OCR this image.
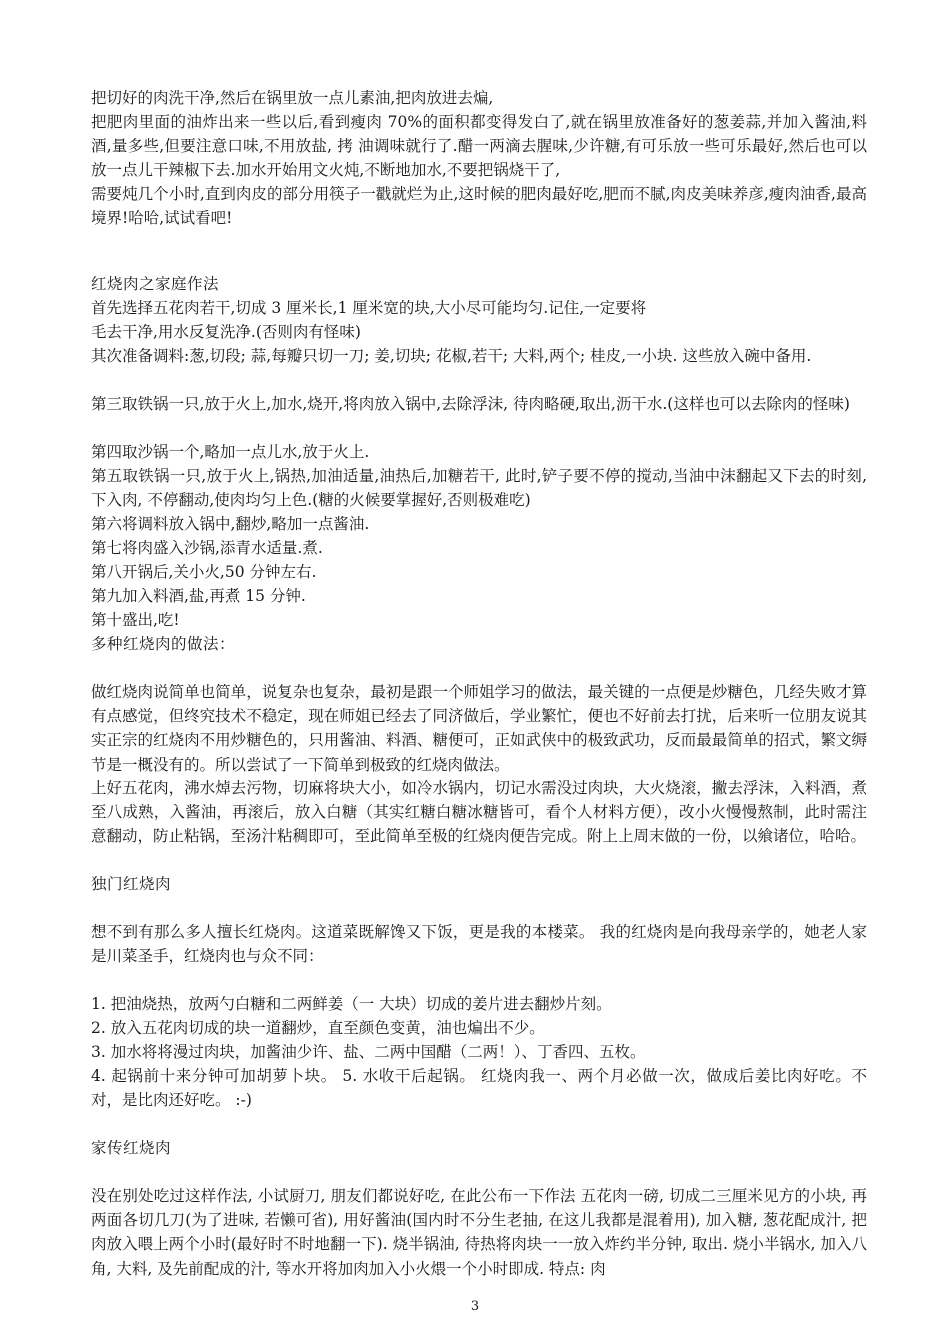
把切好的肉洗干净,然后在锅里放一点儿素油,把肉放进去煸,

把肥肉里面的油炸出来一些以后,看到瘦肉 70%的面积都变得发白了,就在锅里放准备好的葱姜蒜,并加入酱油,料酒,量多些,但要注意口味,不用放盐, 拷 油调味就行了.醋一两滴去腥味,少许糖,有可乐放一些可乐最好,然后也可以放一点儿干辣椒下去.加水开始用文火炖,不断地加水,不要把锅烧干了,

需要炖几个小时,直到肉皮的部分用筷子一戳就烂为止,这时候的肥肉最好吃,肥而不腻,肉皮美味养彦,瘦肉油香,最高境界!哈哈,试试看吧!

红烧肉之家庭作法

首先选择五花肉若干,切成 3 厘米长,1 厘米宽的块,大小尽可能均匀.记住,一定要将

毛去干净,用水反复洗净.(否则肉有怪味)

其次准备调料:葱,切段; 蒜,每瓣只切一刀; 姜,切块; 花椒,若干; 大料,两个; 桂皮,一小块. 这些放入碗中备用.

第三取铁锅一只,放于火上,加水,烧开,将肉放入锅中,去除浮沫, 待肉略硬,取出,沥干水.(这样也可以去除肉的怪味)

第四取沙锅一个,略加一点儿水,放于火上.

第五取铁锅一只,放于火上,锅热,加油适量,油热后,加糖若干, 此时,铲子要不停的搅动,当油中沫翻起又下去的时刻,下入肉, 不停翻动,使肉均匀上色.(糖的火候要掌握好,否则极难吃)

第六将调料放入锅中,翻炒,略加一点酱油.

第七将肉盛入沙锅,添青水适量.煮.

第八开锅后,关小火,50 分钟左右.

第九加入料酒,盐,再煮 15 分钟.

第十盛出,吃!

多种红烧肉的做法：

做红烧肉说简单也简单，说复杂也复杂，最初是跟一个师姐学习的做法，最关键的一点便是炒糖色，几经失败才算有点感觉，但终究技术不稳定，现在师姐已经去了同济做后，学业繁忙，便也不好前去打扰，后来听一位朋友说其实正宗的红烧肉不用炒糖色的，只用酱油、料酒、糖便可，正如武侠中的极致武功，反而最最简单的招式，繁文缛节是一概没有的。所以尝试了一下简单到极致的红烧肉做法。

上好五花肉，沸水焯去污物，切麻将块大小，如冷水锅内，切记水需没过肉块，大火烧滚，撇去浮沫，入料酒，煮至八成熟，入酱油，再滚后，放入白糖（其实红糖白糖冰糖皆可，看个人材料方便），改小火慢慢熬制，此时需注意翻动，防止粘锅，至汤汁粘稠即可，至此简单至极的红烧肉便告完成。附上上周末做的一份，以飨诸位，哈哈。

独门红烧肉

想不到有那么多人擅长红烧肉。这道菜既解馋又下饭，更是我的本楼菜。 我的红烧肉是向我母亲学的，她老人家是川菜圣手，红烧肉也与众不同：

1. 把油烧热，放两勺白糖和二两鲜姜（一 大块）切成的姜片进去翻炒片刻。

2. 放入五花肉切成的块一道翻炒，直至颜色变黄，油也煸出不少。

3. 加水将将漫过肉块，加酱油少许、盐、二两中国醋（二两！）、丁香四、五枚。

4. 起锅前十来分钟可加胡萝卜块。 5. 水收干后起锅。 红烧肉我一、两个月必做一次，做成后姜比肉好吃。不对，是比肉还好吃。 :-)

家传红烧肉

没在别处吃过这样作法, 小试厨刀, 朋友们都说好吃, 在此公布一下作法 五花肉一磅, 切成二三厘米见方的小块, 再两面各切几刀(为了进味, 若懒可省), 用好酱油(国内时不分生老抽, 在这儿我都是混着用), 加入糖, 葱花配成汁, 把肉放入喂上两个小时(最好时不时地翻一下). 烧半锅油, 待热将肉块一一放入炸约半分钟, 取出. 烧小半锅水, 加入八角, 大料, 及先前配成的汁, 等水开将加肉加入小火煨一个小时即成. 特点: 肉

3
